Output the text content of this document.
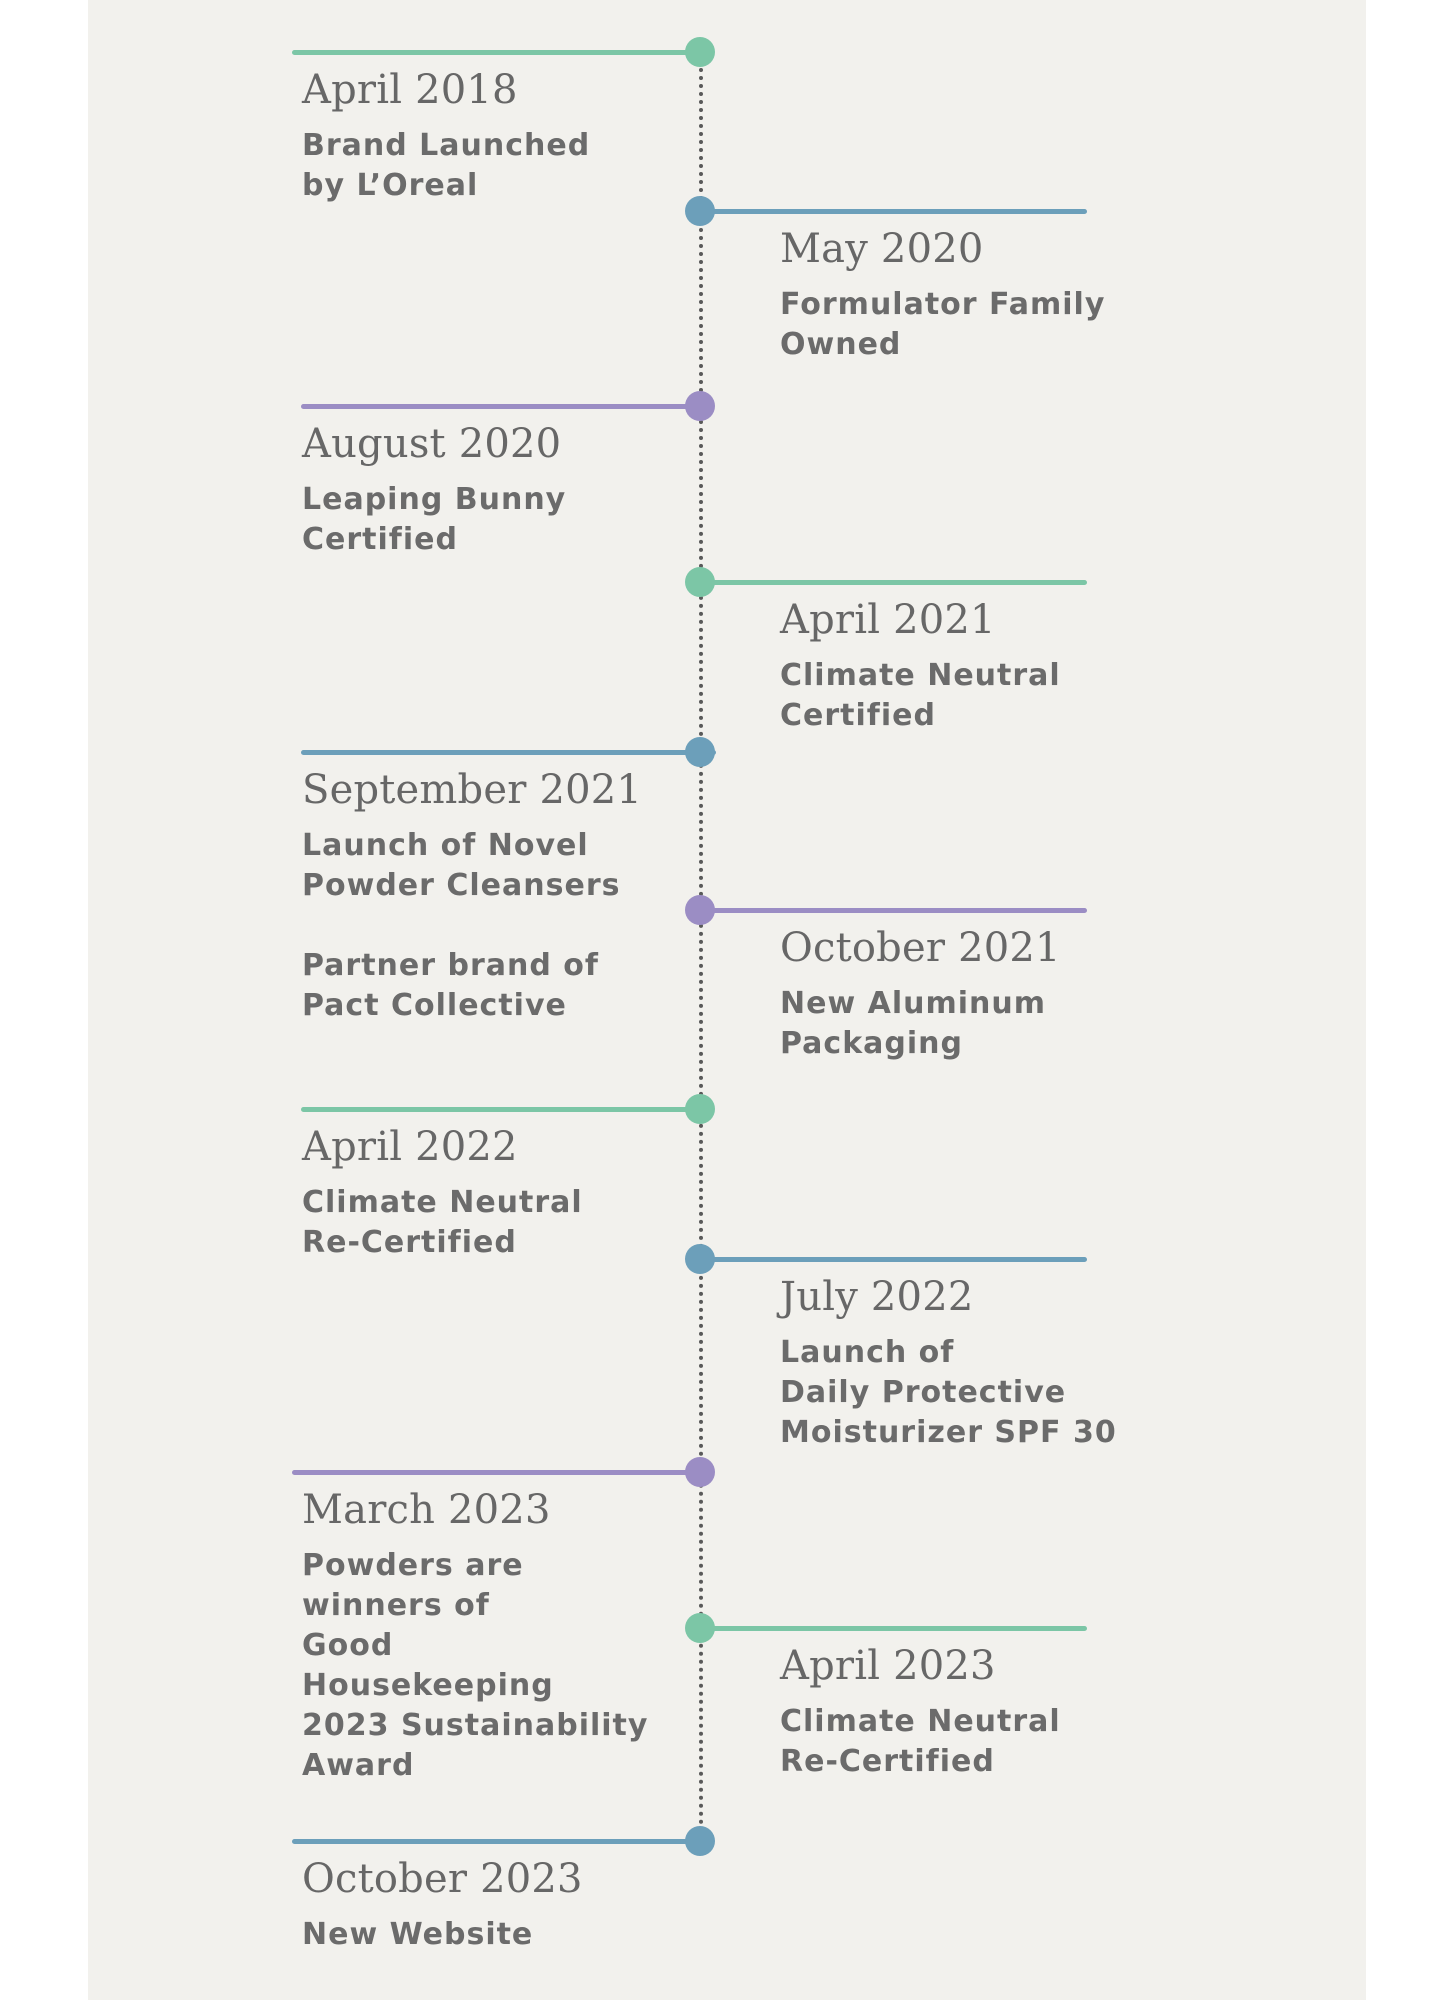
April 2018
Brand Launched
by L’Oreal
May 2020
Formulator Family
Owned
August 2020
Leaping Bunny
Certified
April 2021
Climate Neutral
Certified
September 2021
Launch of Novel
Powder Cleansers
Partner brand of
Pact Collective
October 2021
New Aluminum
Packaging
April 2022
Climate Neutral
Re-Certified
July 2022
Launch of
Daily Protective
Moisturizer SPF 30
March 2023
Powders are
winners of
Good
Housekeeping
2023 Sustainability
Award
April 2023
Climate Neutral
Re-Certified
October 2023
New Website
